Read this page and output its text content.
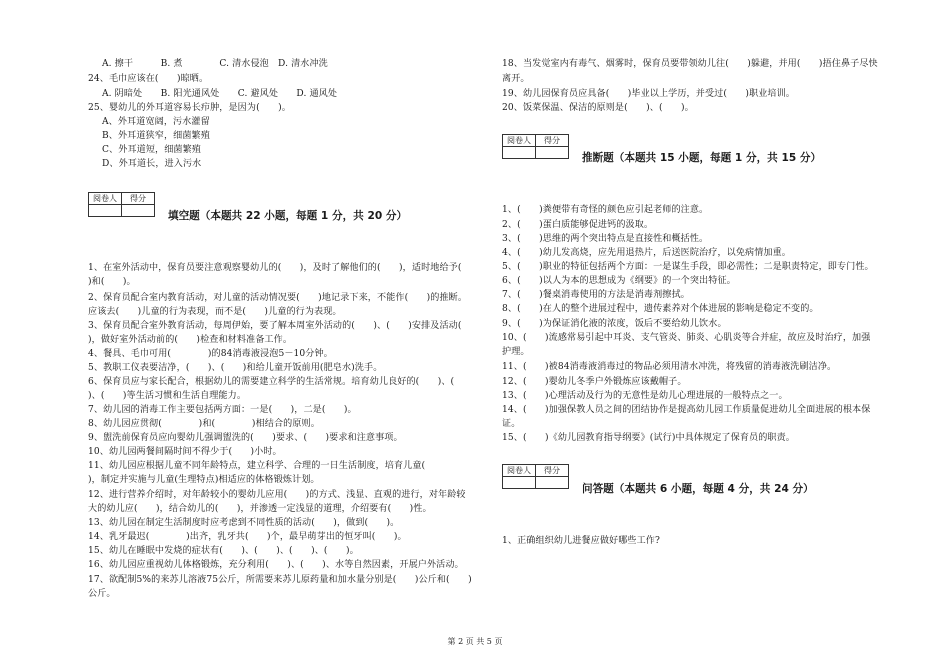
A. 擦干　　　B. 煮　　　　C. 清水侵泡　D. 清水冲洗
24、毛巾应该在(　　)晾晒。
A. 阴暗处　　B. 阳光通风处　　C. 避风处　　D. 通风处
25、婴幼儿的外耳道容易长疖肿，是因为(　　)。
A、外耳道宽阔，污水灌留
B、外耳道狭窄，细菌繁殖
C、外耳道短，细菌繁殖
D、外耳道长，进入污水
阅卷人	得分

填空题（本题共 22 小题，每题 1 分，共 20 分）
1、在室外活动中，保育员要注意观察婴幼儿的(　　)，及时了解他们的(　　)，适时地给予(
)和(　　)。
2、保育员配合室内教育活动，对儿童的活动情况要(　　)地记录下来，不能作(　　)的推断。
应该去(　　)儿童的行为表现，而不是(　　)儿童的行为表现。
3、保育员配合室外教育活动，每周伊始，要了解本周室外活动的(　　)、(　　)安排及活动(
)，做好室外活动前的(　　)检查和材料准备工作。
4、餐具、毛巾可用(　　　　)的84消毒液浸泡5－10分钟。
5、教职工仪表要洁净，(　　)、(　　)和给儿童开饭前用(肥皂水)洗手。
6、保育员应与家长配合，根据幼儿的需要建立科学的生活常规。培育幼儿良好的(　　)、(
)、(　　)等生活习惯和生活自理能力。
7、幼儿园的消毒工作主要包括两方面：一是(　　)，二是(　　)。
8、幼儿园应贯彻(　　　　)和(　　　　)相结合的原则。
9、盥洗前保育员应向婴幼儿强调盥洗的(　　)要求、(　　)要求和注意事项。
10、幼儿园两餐间隔时间不得少于(　　)小时。
11、幼儿园应根据儿童不同年龄特点，建立科学、合理的一日生活制度，培育儿童(
)，制定并实施与儿童(生理特点)相适应的体格锻炼计划。
12、进行营养介绍时，对年龄较小的婴幼儿应用(　　)的方式、浅显、直观的进行，对年龄较
大的幼儿应(　　)，结合幼儿的(　　)，并渗透一定浅显的道理，介绍要有(　　)性。
13、幼儿园在制定生活制度时应考虑到不同性质的活动(　　)，做到(　　)。
14、乳牙最迟(　　　　)出齐，乳牙共(　　)个，最早萌芽出的恒牙叫(　　)。
15、幼儿在睡眠中发烧的症状有(　　)、(　　)、(　　)、(　　)。
16、幼儿园应重视幼儿体格锻炼，充分利用(　　)、(　　)、水等自然因素，开展户外活动。
17、欲配制5%的来苏儿溶液75公斤，所需要来苏儿原药量和加水量分别是(　　)公斤和(　　)
公斤。
18、当发觉室内有毒气、烟雾时，保育员要带领幼儿往(　　)躲避，并用(　　)捂住鼻子尽快
离开。
19、幼儿园保育员应具备(　　)毕业以上学历，并受过(　　)职业培训。
20、饭菜保温、保洁的原则是(　　)、(　　)。
阅卷人	得分

推断题（本题共 15 小题，每题 1 分，共 15 分）
1、(　　)粪便带有奇怪的颜色应引起老师的注意。
2、(　　)蛋白质能够促进钙的汲取。
3、(　　)思维的两个突出特点是直接性和概括性。
4、(　　)幼儿发高烧，应先用退热片，后送医院治疗，以免病情加重。
5、(　　)职业的特征包括两个方面：一是谋生手段，即必需性；二是职责特定，即专门性。
6、(　　)以人为本的思想成为《纲要》的一个突出特征。
7、(　　)餐桌消毒使用的方法是消毒剂擦拭。
8、(　　)在人的整个进展过程中，遗传素养对个体进展的影响是稳定不变的。
9、(　　)为保证消化液的浓度，饭后不要给幼儿饮水。
10、(　　)流感常易引起中耳炎、支气管炎、肺炎、心肌炎等合并症，故应及时治疗，加强
护理。
11、(　　)被84消毒液消毒过的物品必须用清水冲洗，将残留的消毒液洗刷洁净。
12、(　　)婴幼儿冬季户外锻炼应该戴帽子。
13、(　　)心理活动及行为的无意性是幼儿心理进展的一般特点之一。
14、(　　)加强保教人员之间的团结协作是提高幼儿园工作质量促进幼儿全面进展的根本保
证。
15、(　　)《幼儿园教育指导纲要》(试行)中具体规定了保育员的职责。
阅卷人	得分

问答题（本题共 6 小题，每题 4 分，共 24 分）
1、正确组织幼儿进餐应做好哪些工作?
第 2 页 共 5 页
